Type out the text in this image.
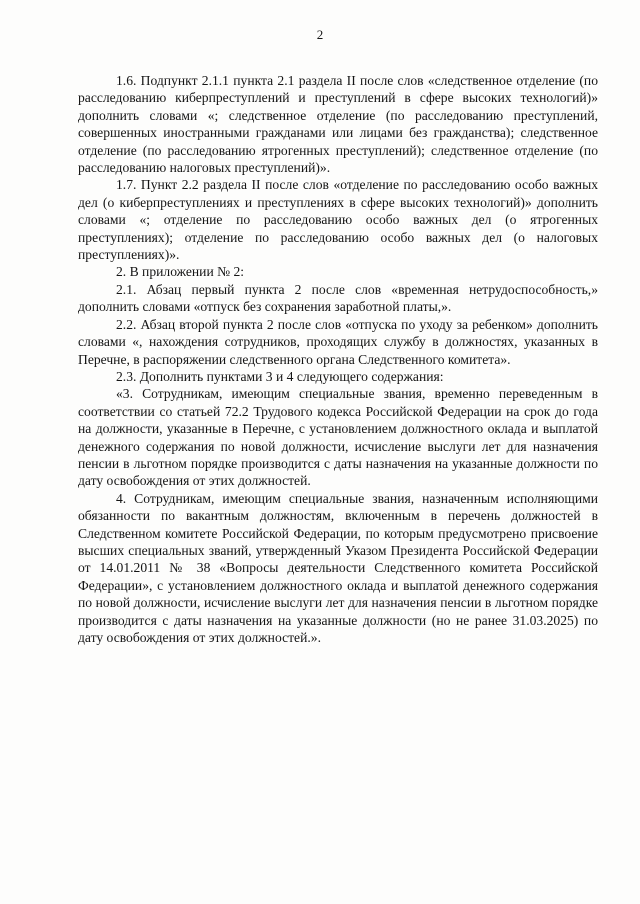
2

1.6. Подпункт 2.1.1 пункта 2.1 раздела II после слов «следственное отделение (по расследованию киберпреступлений и преступлений в сфере высоких технологий)» дополнить словами «; следственное отделение (по расследованию преступлений, совершенных иностранными гражданами или лицами без гражданства); следственное отделение (по расследованию ятрогенных преступлений); следственное отделение (по расследованию налоговых преступлений)».

1.7. Пункт 2.2 раздела II после слов «отделение по расследованию особо важных дел (о киберпреступлениях и преступлениях в сфере высоких технологий)» дополнить словами «; отделение по расследованию особо важных дел (о ятрогенных преступлениях); отделение по расследованию особо важных дел (о налоговых преступлениях)».

2. В приложении № 2:

2.1. Абзац первый пункта 2 после слов «временная нетрудоспособность,» дополнить словами «отпуск без сохранения заработной платы,».

2.2. Абзац второй пункта 2 после слов «отпуска по уходу за ребенком» дополнить словами «, нахождения сотрудников, проходящих службу в должностях, указанных в Перечне, в распоряжении следственного органа Следственного комитета».

2.3. Дополнить пунктами 3 и 4 следующего содержания:

«3. Сотрудникам, имеющим специальные звания, временно переведенным в соответствии со статьей 72.2 Трудового кодекса Российской Федерации на срок до года на должности, указанные в Перечне, с установлением должностного оклада и выплатой денежного содержания по новой должности, исчисление выслуги лет для назначения пенсии в льготном порядке производится с даты назначения на указанные должности по дату освобождения от этих должностей.

4. Сотрудникам, имеющим специальные звания, назначенным исполняющими обязанности по вакантным должностям, включенным в перечень должностей в Следственном комитете Российской Федерации, по которым предусмотрено присвоение высших специальных званий, утвержденный Указом Президента Российской Федерации от 14.01.2011 № 38 «Вопросы деятельности Следственного комитета Российской Федерации», с установлением должностного оклада и выплатой денежного содержания по новой должности, исчисление выслуги лет для назначения пенсии в льготном порядке производится с даты назначения на указанные должности (но не ранее 31.03.2025) по дату освобождения от этих должностей.».
